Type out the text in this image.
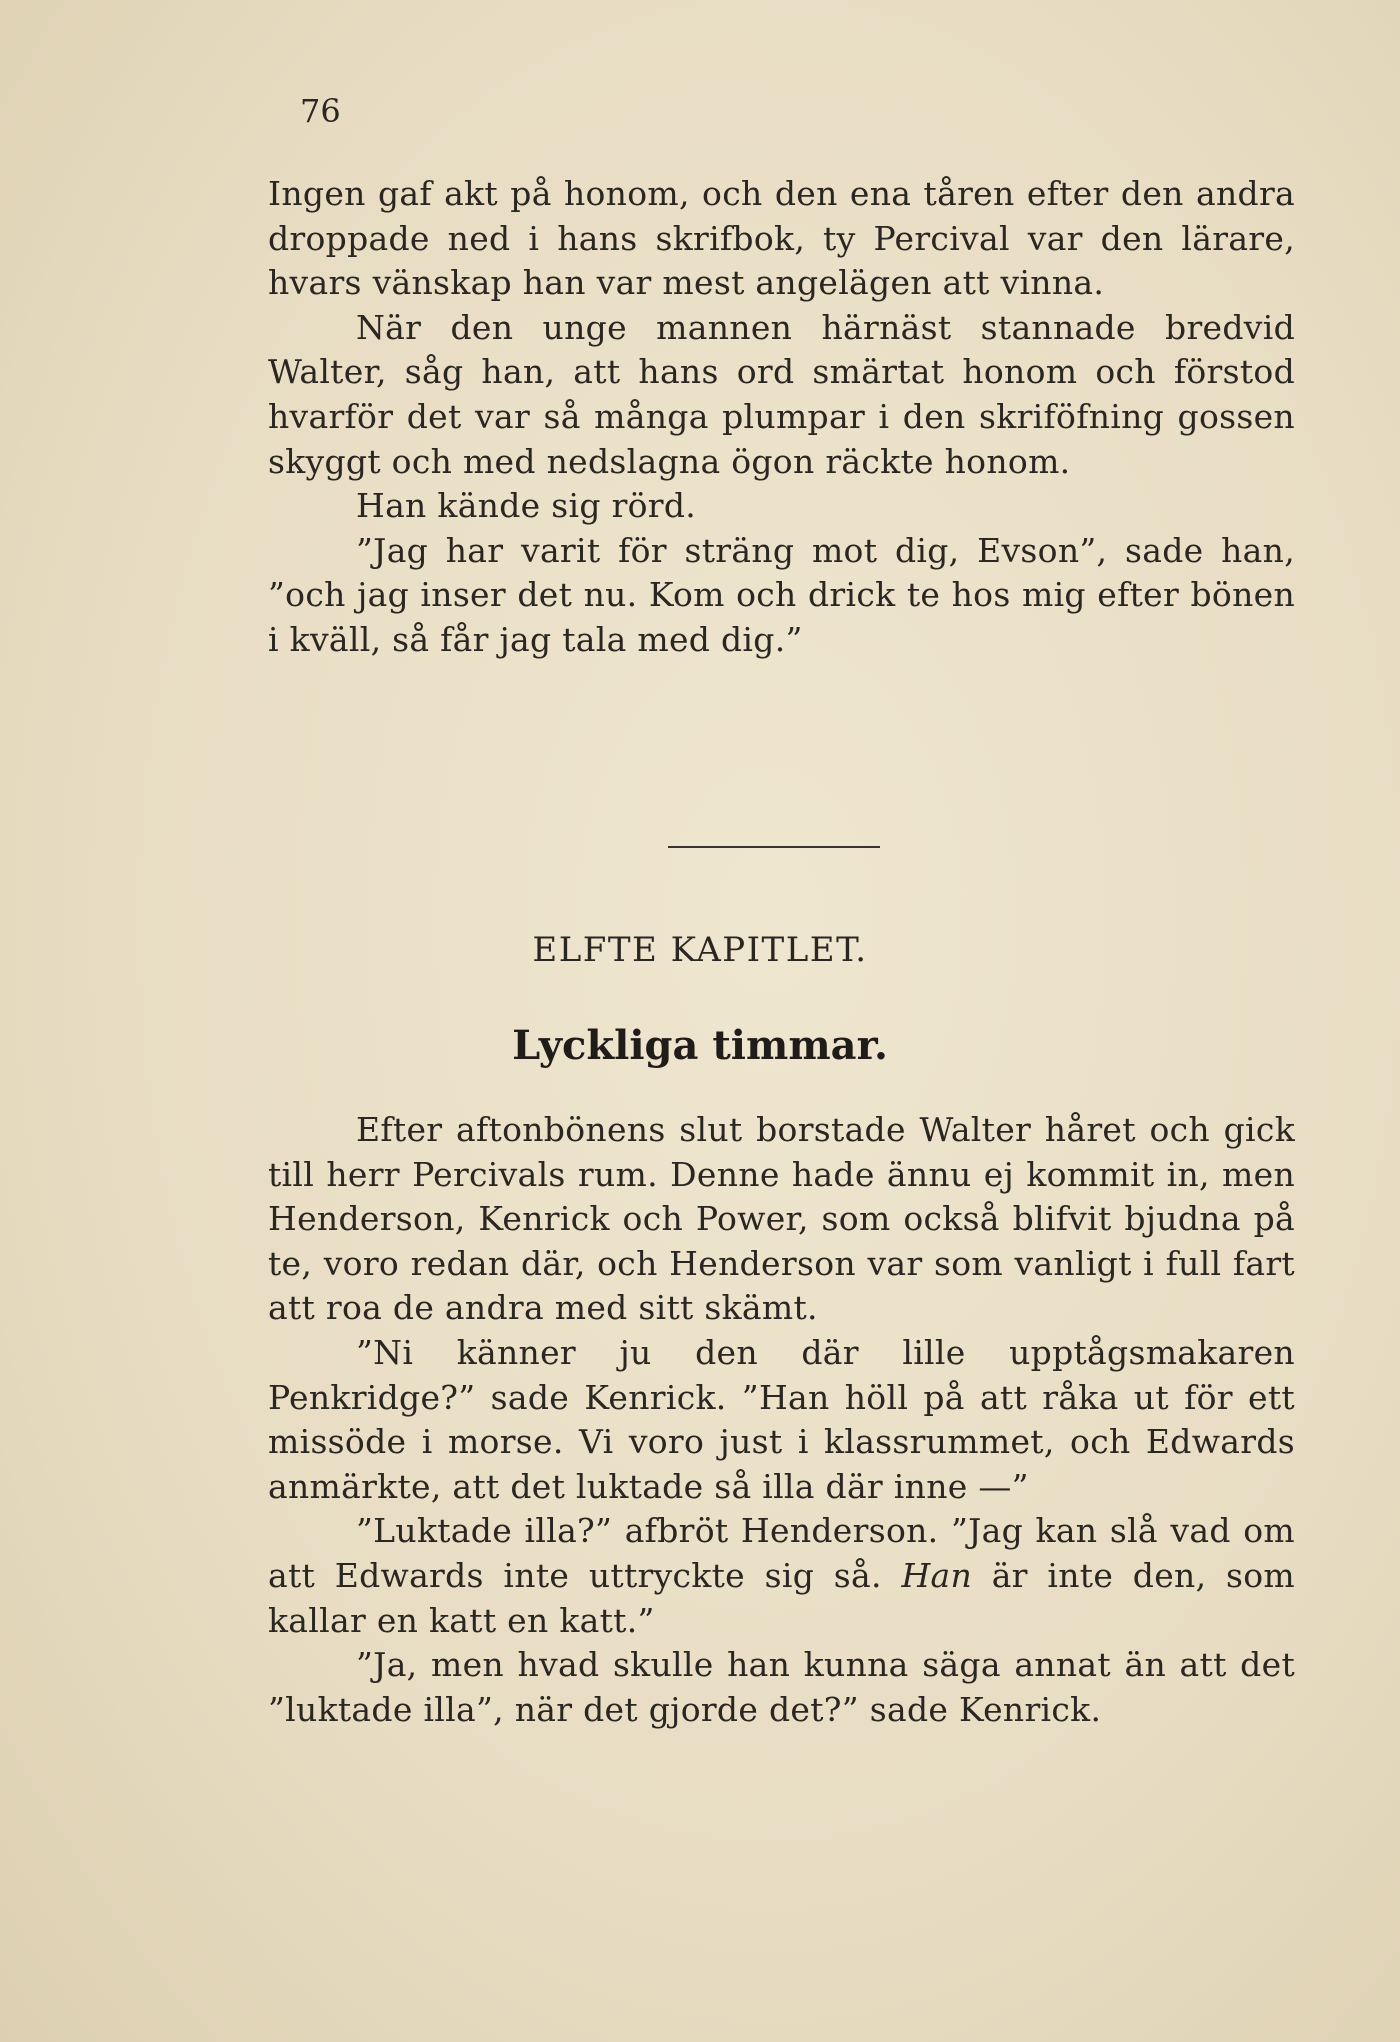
76

Ingen gaf akt på honom, och den ena tåren efter den andra droppade ned i hans skrifbok, ty Percival var den lärare, hvars vänskap han var mest angelägen att vinna.

När den unge mannen härnäst stannade bredvid Walter, såg han, att hans ord smärtat honom och förstod hvarför det var så många plumpar i den skriföfning gossen skyggt och med nedslagna ögon räckte honom.

Han kände sig rörd.

”Jag har varit för sträng mot dig, Evson”, sade han, ”och jag inser det nu. Kom och drick te hos mig efter bönen i kväll, så får jag tala med dig.”

ELFTE KAPITLET.
Lyckliga timmar.

Efter aftonbönens slut borstade Walter håret och gick till herr Percivals rum. Denne hade ännu ej kommit in, men Henderson, Kenrick och Power, som också blifvit bjudna på te, voro redan där, och Henderson var som vanligt i full fart att roa de andra med sitt skämt.

”Ni känner ju den där lille upptågsmakaren Penkridge?” sade Kenrick. ”Han höll på att råka ut för ett missöde i morse. Vi voro just i klassrummet, och Edwards anmärkte, att det luktade så illa där inne —”

”Luktade illa?” afbröt Henderson. ”Jag kan slå vad om att Edwards inte uttryckte sig så. Han är inte den, som kallar en katt en katt.”

”Ja, men hvad skulle han kunna säga annat än att det ”luktade illa”, när det gjorde det?” sade Kenrick.
